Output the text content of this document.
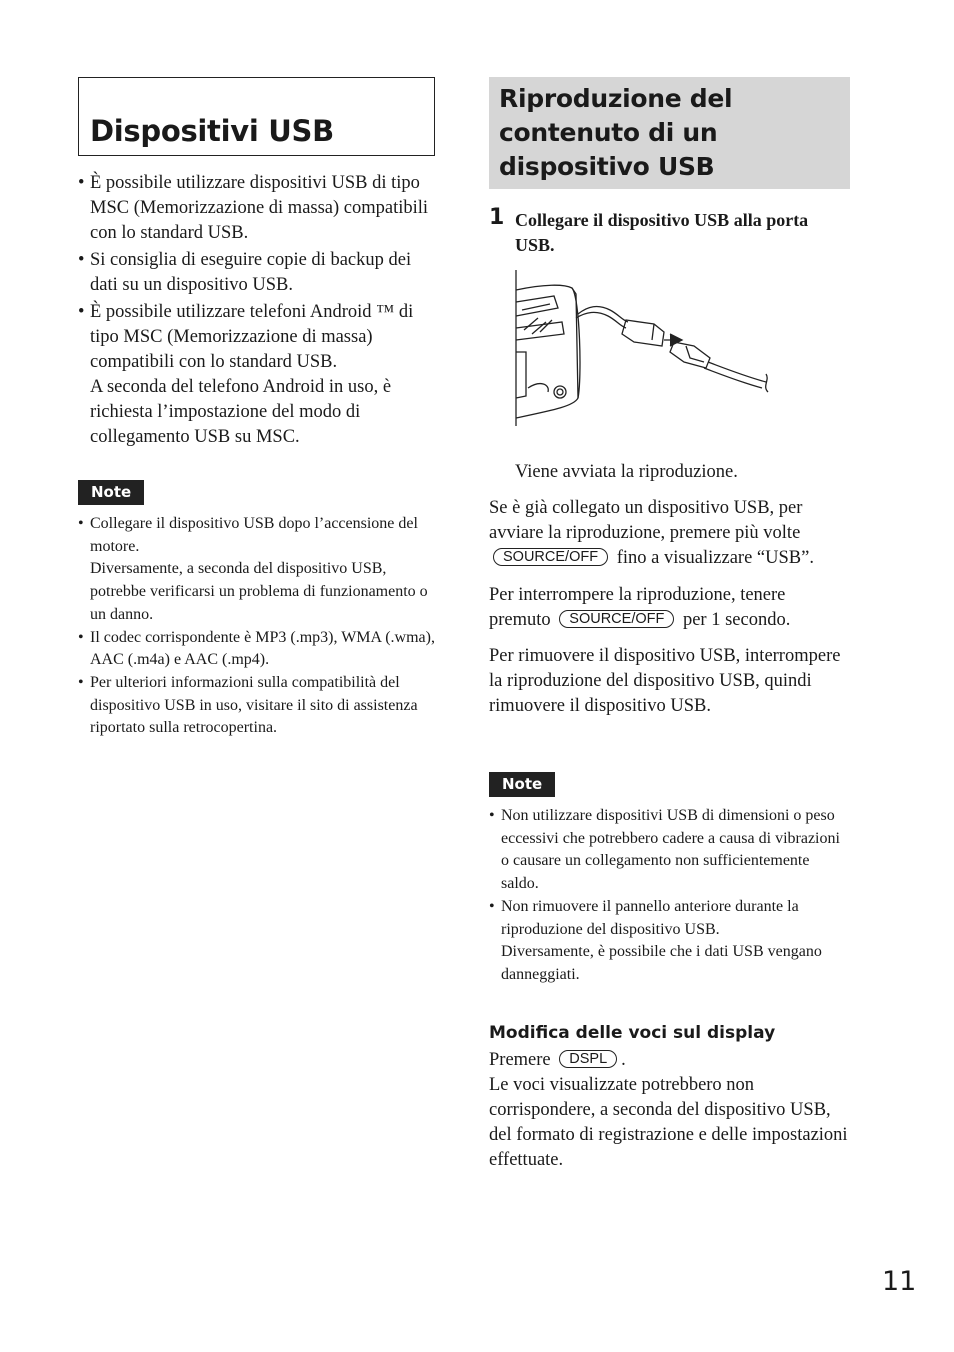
Dispositivi USB
• È possibile utilizzare dispositivi USB di tipo MSC (Memorizzazione di massa) compatibili con lo standard USB.
• Si consiglia di eseguire copie di backup dei dati su un dispositivo USB.
• È possibile utilizzare telefoni Android ™ di tipo MSC (Memorizzazione di massa) compatibili con lo standard USB.
A seconda del telefono Android in uso, è richiesta l’impostazione del modo di collegamento USB su MSC.
Note
• Collegare il dispositivo USB dopo l’accensione del motore.
Diversamente, a seconda del dispositivo USB, potrebbe verificarsi un problema di funzionamento o un danno.
• Il codec corrispondente è MP3 (.mp3), WMA (.wma), AAC (.m4a) e AAC (.mp4).
• Per ulteriori informazioni sulla compatibilità del dispositivo USB in uso, visitare il sito di assistenza riportato sulla retrocopertina.
Riproduzione del contenuto di un dispositivo USB
1 Collegare il dispositivo USB alla porta USB.

Viene avviata la riproduzione.

Se è già collegato un dispositivo USB, per avviare la riproduzione, premere più volte
SOURCE/OFF fino a visualizzare “USB”.

Per interrompere la riproduzione, tenere premuto SOURCE/OFF per 1 secondo.

Per rimuovere il dispositivo USB, interrompere la riproduzione del dispositivo USB, quindi rimuovere il dispositivo USB.

Note
• Non utilizzare dispositivi USB di dimensioni o peso eccessivi che potrebbero cadere a causa di vibrazioni o causare un collegamento non sufficientemente saldo.
• Non rimuovere il pannello anteriore durante la riproduzione del dispositivo USB.
Diversamente, è possibile che i dati USB vengano danneggiati.
Modifica delle voci sul display

Premere DSPL .

Le voci visualizzate potrebbero non corrispondere, a seconda del dispositivo USB, del formato di registrazione e delle impostazioni effettuate.

11
